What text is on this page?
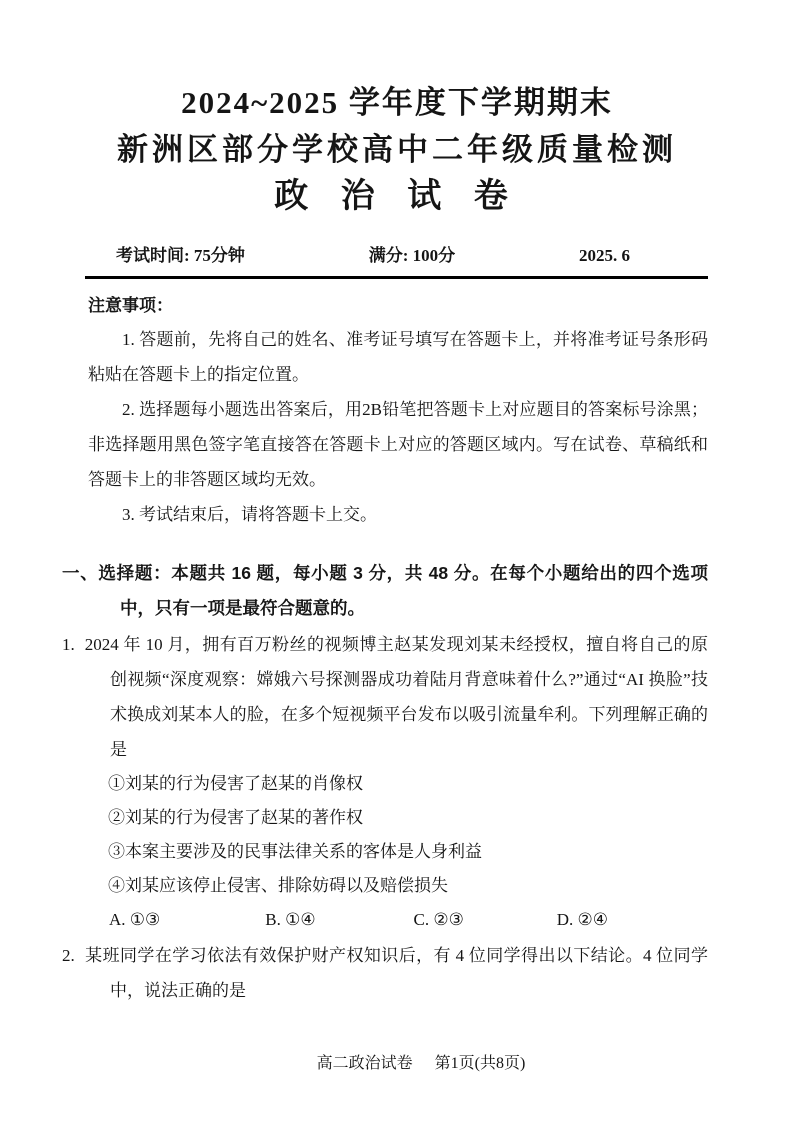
2024~2025 学年度下学期期末
新洲区部分学校高中二年级质量检测
政 治 试 卷
考试时间: 75分钟	满分: 100分	2025. 6
注意事项：

1. 答题前，先将自己的姓名、准考证号填写在答题卡上，并将准考证号条形码粘贴在答题卡上的指定位置。

2. 选择题每小题选出答案后，用2B铅笔把答题卡上对应题目的答案标号涂黑；非选择题用黑色签字笔直接答在答题卡上对应的答题区域内。写在试卷、草稿纸和答题卡上的非答题区域均无效。

3. 考试结束后，请将答题卡上交。

一、选择题：本题共 16 题，每小题 3 分，共 48 分。在每个小题给出的四个选项中，只有一项是最符合题意的。
1. 2024 年 10 月，拥有百万粉丝的视频博主赵某发现刘某未经授权，擅自将自己的原创视频“深度观察：嫦娥六号探测器成功着陆月背意味着什么?”通过“AI 换脸”技术换成刘某本人的脸，在多个短视频平台发布以吸引流量牟利。下列理解正确的是
①刘某的行为侵害了赵某的肖像权
②刘某的行为侵害了赵某的著作权
③本案主要涉及的民事法律关系的客体是人身利益
④刘某应该停止侵害、排除妨碍以及赔偿损失
A. ①③	B. ①④	C. ②③	D. ②④
2. 某班同学在学习依法有效保护财产权知识后，有 4 位同学得出以下结论。4 位同学中，说法正确的是
高二政治试卷 第1页(共8页)
